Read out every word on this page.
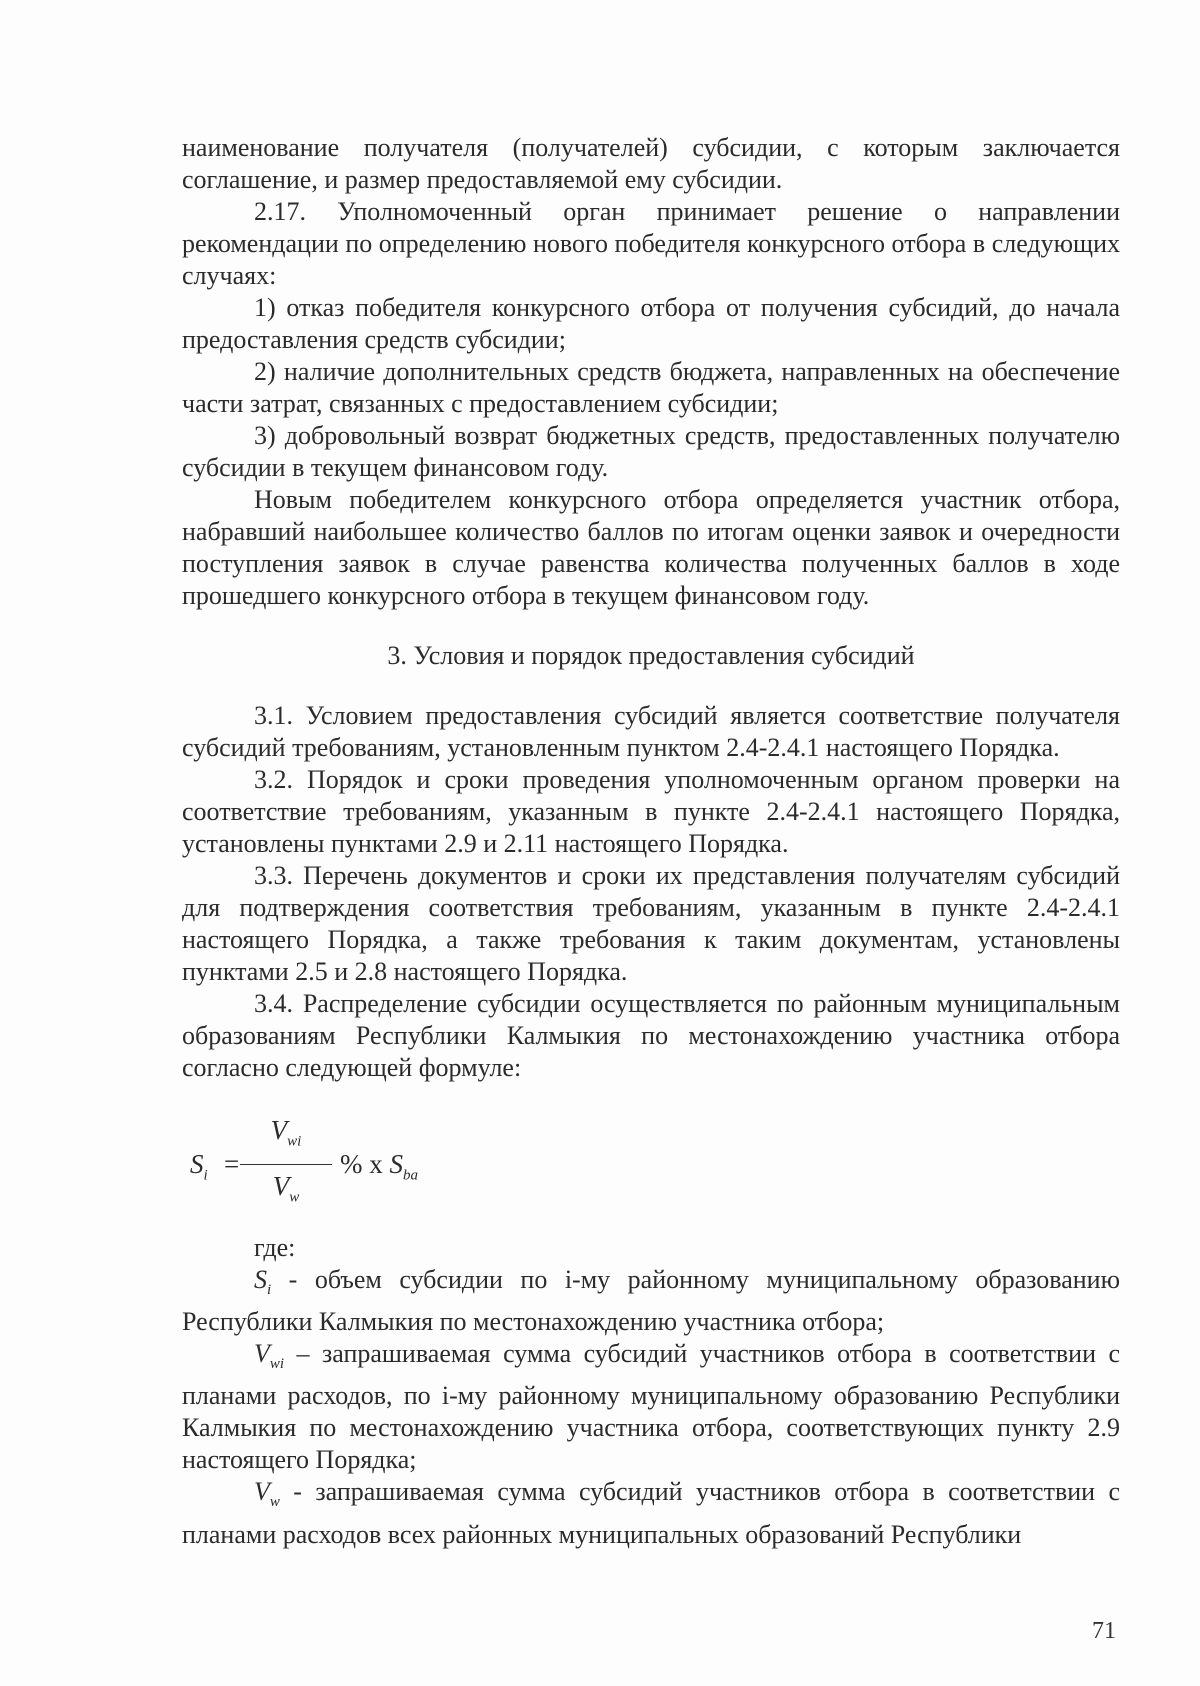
наименование получателя (получателей) субсидии, с которым заключается соглашение, и размер предоставляемой ему субсидии.

2.17. Уполномоченный орган принимает решение о направлении рекомендации по определению нового победителя конкурсного отбора в следующих случаях:

1) отказ победителя конкурсного отбора от получения субсидий, до начала предоставления средств субсидии;

2) наличие дополнительных средств бюджета, направленных на обеспечение части затрат, связанных с предоставлением субсидии;

3) добровольный возврат бюджетных средств, предоставленных получателю субсидии в текущем финансовом году.

Новым победителем конкурсного отбора определяется участник отбора, набравший наибольшее количество баллов по итогам оценки заявок и очередности поступления заявок в случае равенства количества полученных баллов в ходе прошедшего конкурсного отбора в текущем финансовом году.

3. Условия и порядок предоставления субсидий

3.1. Условием предоставления субсидий является соответствие получателя субсидий требованиям, установленным пунктом 2.4-2.4.1 настоящего Порядка.

3.2. Порядок и сроки проведения уполномоченным органом проверки на соответствие требованиям, указанным в пункте 2.4-2.4.1 настоящего Порядка, установлены пунктами 2.9 и 2.11 настоящего Порядка.

3.3. Перечень документов и сроки их представления получателям субсидий для подтверждения соответствия требованиям, указанным в пункте 2.4-2.4.1 настоящего Порядка, а также требования к таким документам, установлены пунктами 2.5 и 2.8 настоящего Порядка.

3.4. Распределение субсидии осуществляется по районным муниципальным образованиям Республики Калмыкия по местонахождению участника отбора согласно следующей формуле:

$S_i$ =
$V_{wi}$
$V_w$
% х $S_{ba}$

где:

$S_i$ - объем субсидии по i-му районному муниципальному образованию Республики Калмыкия по местонахождению участника отбора;

$V_{wi}$ – запрашиваемая сумма субсидий участников отбора в соответствии с планами расходов, по i-му районному муниципальному образованию Республики Калмыкия по местонахождению участника отбора, соответствующих пункту 2.9 настоящего Порядка;

$V_w$ - запрашиваемая сумма субсидий участников отбора в соответствии с планами расходов всех районных муниципальных образований Республики

71
